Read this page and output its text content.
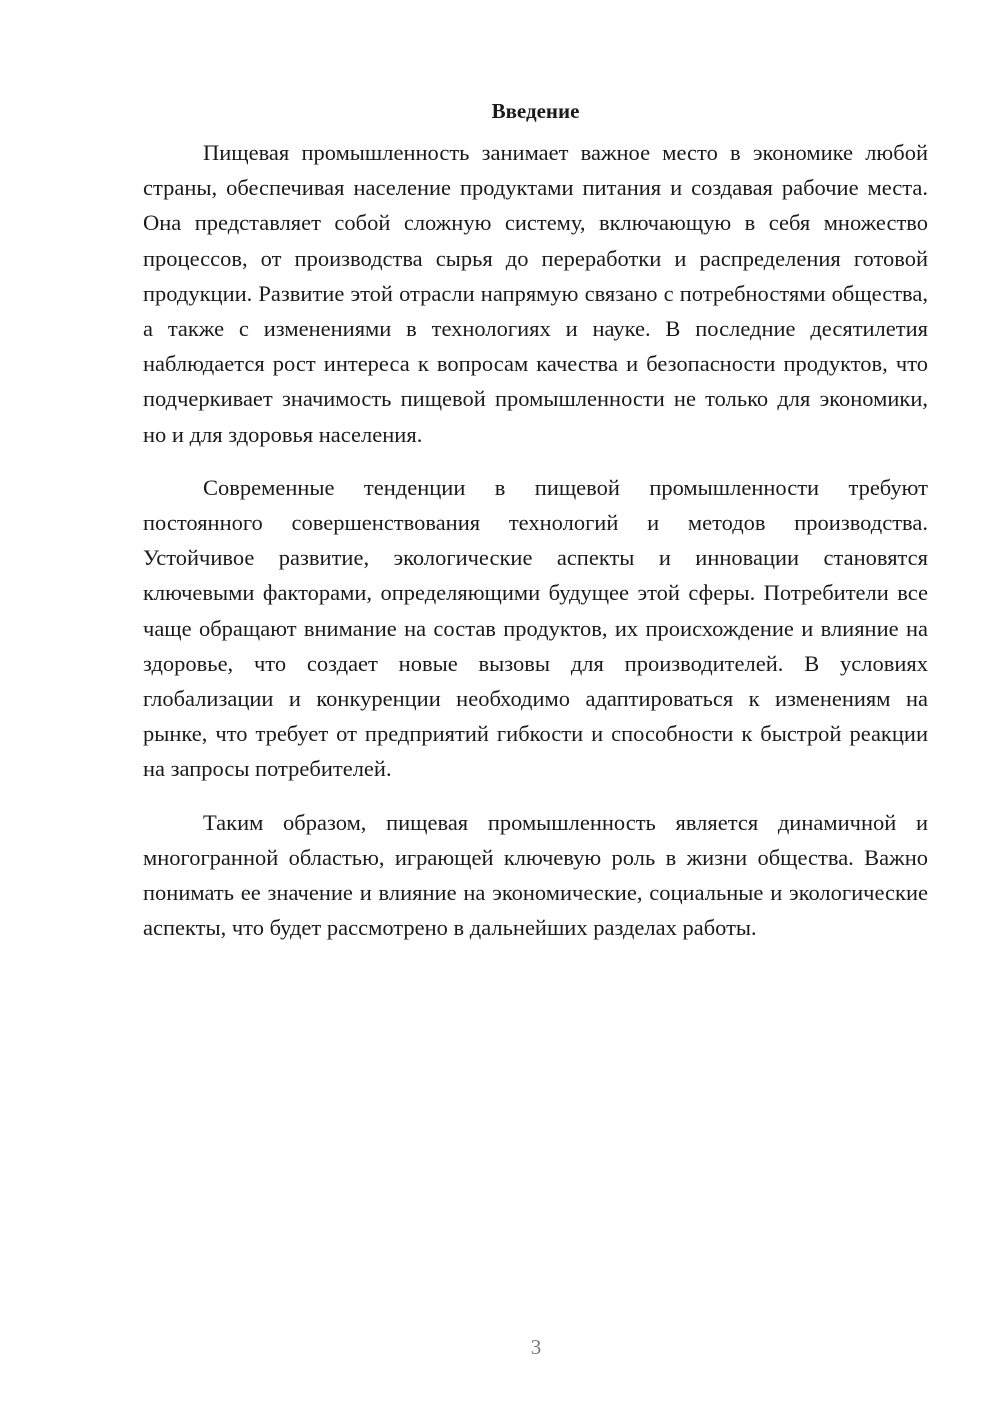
Введение

Пищевая промышленность занимает важное место в экономике любой страны, обеспечивая население продуктами питания и создавая рабочие места. Она представляет собой сложную систему, включающую в себя множество процессов, от производства сырья до переработки и распределения готовой продукции. Развитие этой отрасли напрямую связано с потребностями общества, а также с изменениями в технологиях и науке. В последние десятилетия наблюдается рост интереса к вопросам качества и безопасности продуктов, что подчеркивает значимость пищевой промышленности не только для экономики, но и для здоровья населения.

Современные тенденции в пищевой промышленности требуют постоянного совершенствования технологий и методов производства. Устойчивое развитие, экологические аспекты и инновации становятся ключевыми факторами, определяющими будущее этой сферы. Потребители все чаще обращают внимание на состав продуктов, их происхождение и влияние на здоровье, что создает новые вызовы для производителей. В условиях глобализации и конкуренции необходимо адаптироваться к изменениям на рынке, что требует от предприятий гибкости и способности к быстрой реакции на запросы потребителей.

Таким образом, пищевая промышленность является динамичной и многогранной областью, играющей ключевую роль в жизни общества. Важно понимать ее значение и влияние на экономические, социальные и экологические аспекты, что будет рассмотрено в дальнейших разделах работы.

3
